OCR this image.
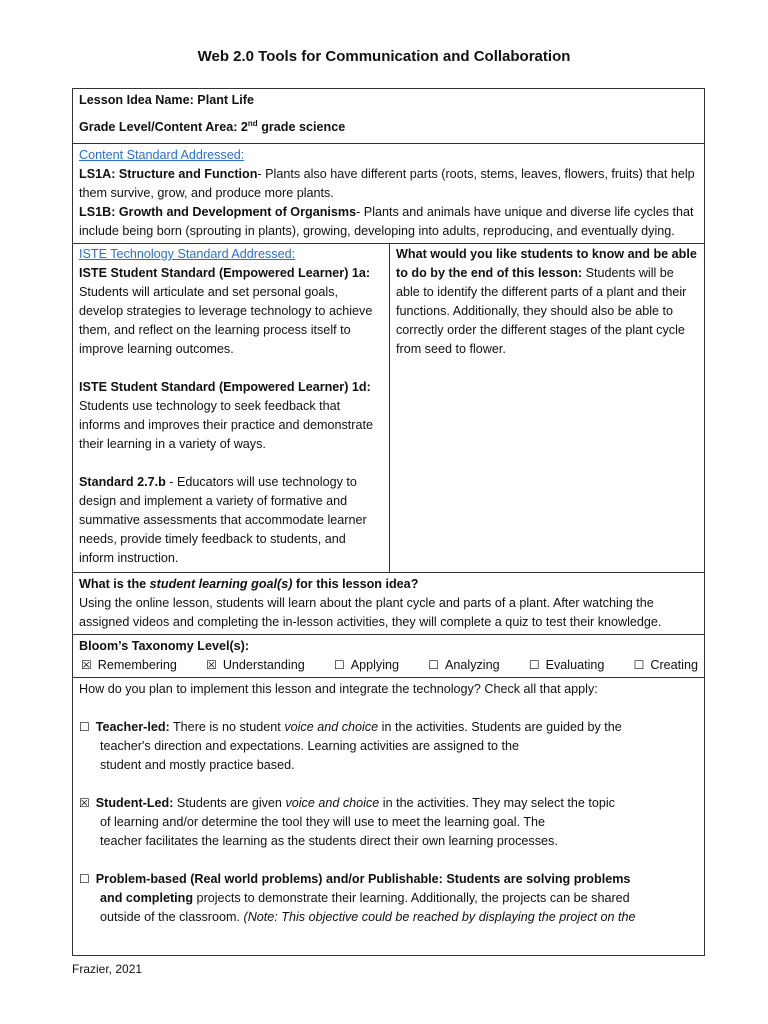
Web 2.0 Tools for Communication and Collaboration
Lesson Idea Name: Plant Life
Grade Level/Content Area: 2nd grade science
Content Standard Addressed:
LS1A: Structure and Function- Plants also have different parts (roots, stems, leaves, flowers, fruits) that help them survive, grow, and produce more plants.
LS1B: Growth and Development of Organisms- Plants and animals have unique and diverse life cycles that include being born (sprouting in plants), growing, developing into adults, reproducing, and eventually dying.
ISTE Technology Standard Addressed:
ISTE Student Standard (Empowered Learner) 1a:
Students will articulate and set personal goals, develop strategies to leverage technology to achieve them, and reflect on the learning process itself to improve learning outcomes.
ISTE Student Standard (Empowered Learner) 1d:
Students use technology to seek feedback that informs and improves their practice and demonstrate their learning in a variety of ways.
Standard 2.7.b - Educators will use technology to design and implement a variety of formative and summative assessments that accommodate learner needs, provide timely feedback to students, and inform instruction.
What would you like students to know and be able to do by the end of this lesson: Students will be able to identify the different parts of a plant and their functions. Additionally, they should also be able to correctly order the different stages of the plant cycle from seed to flower.
What is the student learning goal(s) for this lesson idea?
Using the online lesson, students will learn about the plant cycle and parts of a plant. After watching the assigned videos and completing the in-lesson activities, they will complete a quiz to test their knowledge.
Bloom’s Taxonomy Level(s):
☒ Remembering ☒ Understanding ☐ Applying ☐ Analyzing ☐ Evaluating ☐ Creating
How do you plan to implement this lesson and integrate the technology? Check all that apply:
☐ Teacher-led: There is no student voice and choice in the activities. Students are guided by the
teacher's direction and expectations. Learning activities are assigned to the
student and mostly practice based.
☒ Student-Led: Students are given voice and choice in the activities. They may select the topic
of learning and/or determine the tool they will use to meet the learning goal. The
teacher facilitates the learning as the students direct their own learning processes.
☐ Problem-based (Real world problems) and/or Publishable: Students are solving problems
and completing projects to demonstrate their learning. Additionally, the projects can be shared
outside of the classroom. (Note: This objective could be reached by displaying the project on the
Frazier, 2021
